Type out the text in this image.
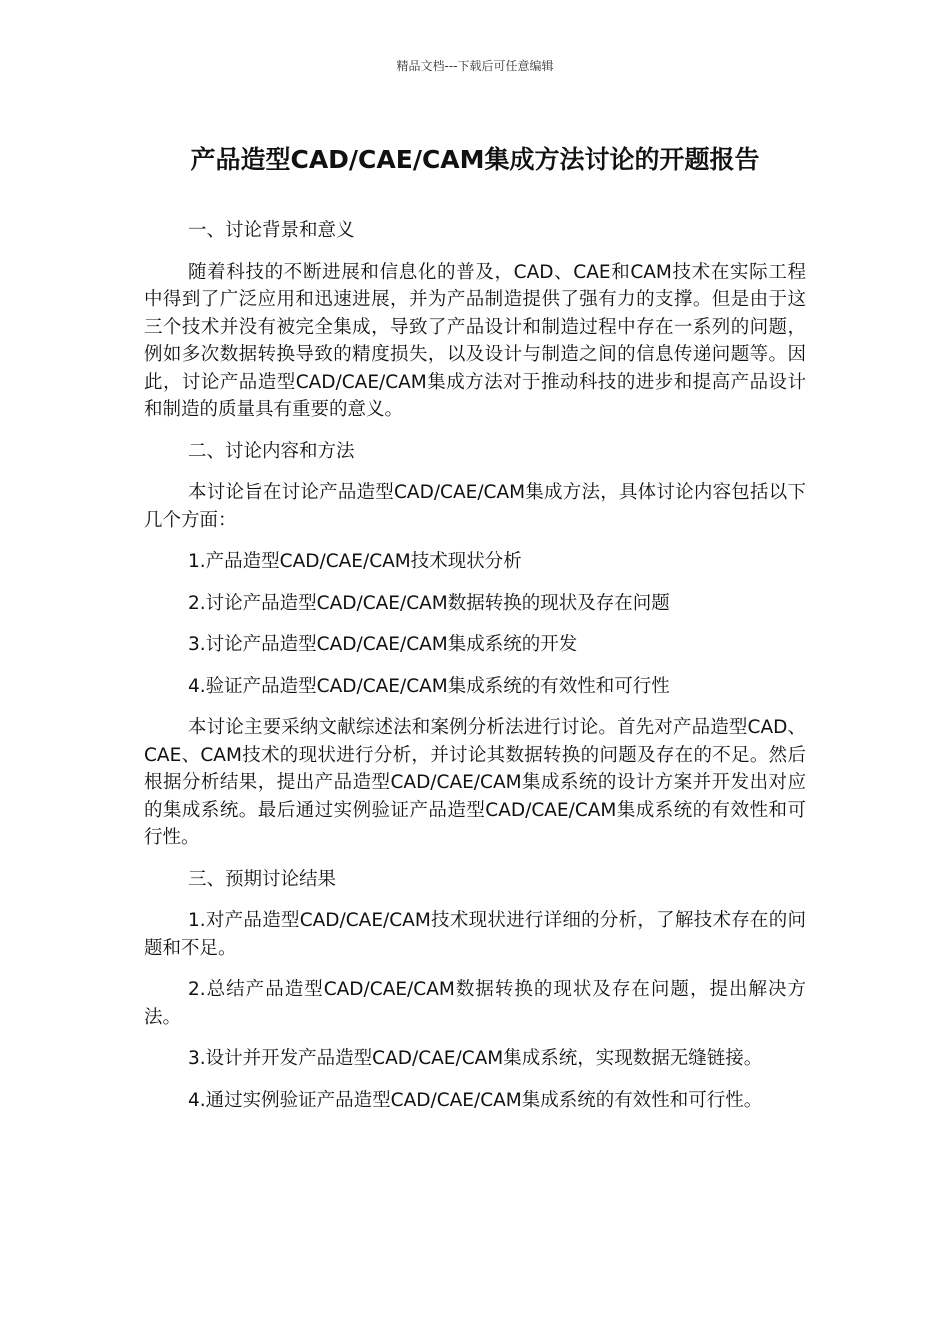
精品文档---下载后可任意编辑
产品造型CAD/CAE/CAM集成方法讨论的开题报告

一、讨论背景和意义

随着科技的不断进展和信息化的普及，CAD、CAE和CAM技术在实际工程中得到了广泛应用和迅速进展，并为产品制造提供了强有力的支撑。但是由于这三个技术并没有被完全集成，导致了产品设计和制造过程中存在一系列的问题，例如多次数据转换导致的精度损失，以及设计与制造之间的信息传递问题等。因此，讨论产品造型CAD/CAE/CAM集成方法对于推动科技的进步和提高产品设计和制造的质量具有重要的意义。

二、讨论内容和方法

本讨论旨在讨论产品造型CAD/CAE/CAM集成方法，具体讨论内容包括以下几个方面：

1.产品造型CAD/CAE/CAM技术现状分析

2.讨论产品造型CAD/CAE/CAM数据转换的现状及存在问题

3.讨论产品造型CAD/CAE/CAM集成系统的开发

4.验证产品造型CAD/CAE/CAM集成系统的有效性和可行性

本讨论主要采纳文献综述法和案例分析法进行讨论。首先对产品造型CAD、CAE、CAM技术的现状进行分析，并讨论其数据转换的问题及存在的不足。然后根据分析结果，提出产品造型CAD/CAE/CAM集成系统的设计方案并开发出对应的集成系统。最后通过实例验证产品造型CAD/CAE/CAM集成系统的有效性和可行性。

三、预期讨论结果

1.对产品造型CAD/CAE/CAM技术现状进行详细的分析，了解技术存在的问题和不足。

2.总结产品造型CAD/CAE/CAM数据转换的现状及存在问题，提出解决方法。

3.设计并开发产品造型CAD/CAE/CAM集成系统，实现数据无缝链接。

4.通过实例验证产品造型CAD/CAE/CAM集成系统的有效性和可行性。
